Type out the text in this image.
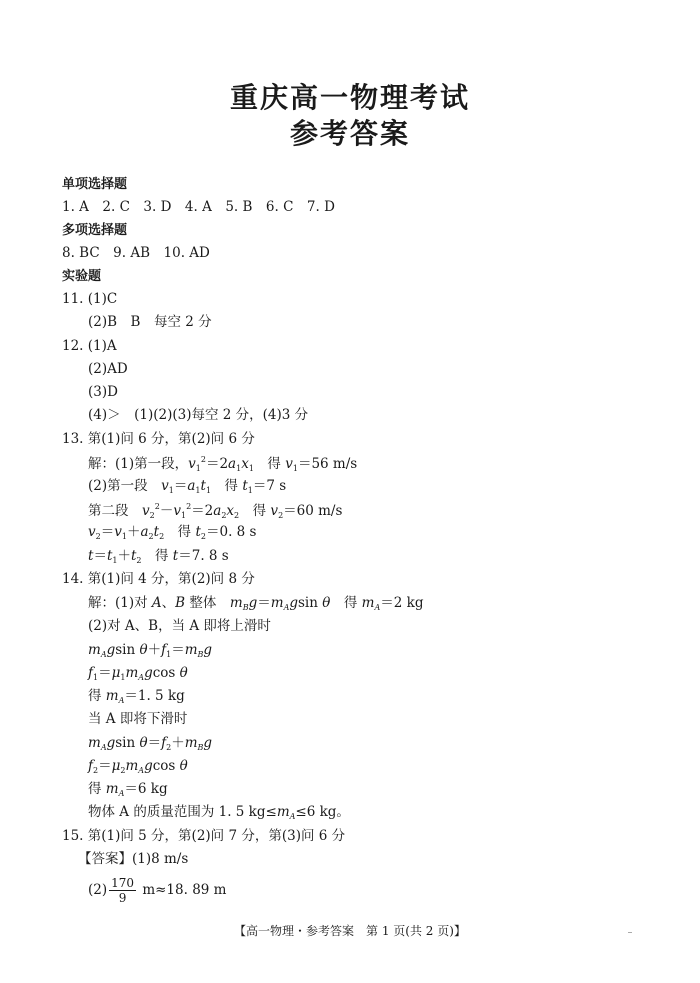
重庆高一物理考试
参考答案
单项选择题
1. A　2. C　3. D　4. A　5. B　6. C　7. D
多项选择题
8. BC　9. AB　10. AD
实验题
11. (1)C
(2)B　B　每空 2 分
12. (1)A
(2)AD
(3)D
(4)＞　(1)(2)(3)每空 2 分，(4)3 分
13. 第(1)问 6 分，第(2)问 6 分
解：(1)第一段，$v_1^2=2a_1x_1$　 得 $v_1=56$ m/s
(2)第一段　$v_1=a_1t_1$　 得 $t_1=7$ s
第二段　$v_2^2-v_1^2=2a_2x_2$　 得 $v_2=60$ m/s
$v_2=v_1+a_2t_2$　 得 $t_2=0$. 8 s
$t=t_1+t_2$　 得 t＝7. 8 s
14. 第(1)问 4 分，第(2)问 8 分
解：(1)对 A、B 整体　$m_Bg=m_Agsin$ θ　 得 $m_A=2$ kg
(2)对 A、B，当 A 即将上滑时
$m_Agsin$ $\theta+f_1=m_Bg$
$f_1=\mu_1m_Agcos$ θ
得 $m_A=1$. 5 kg
当 A 即将下滑时
$m_Agsin$ $\theta=f_2+m_Bg$
$f_2=\mu_2m_Agcos$ θ
得 $m_A=6$ kg
物体 A 的质量范围为 1. 5 $kg\le m_A\le 6$ kg。
15. 第(1)问 5 分，第(2)问 7 分，第(3)问 6 分
【答案】(1)8 m/s
$(2) \frac{170}{9} m\approx 18$. 89 m
【高一物理・参考答案　第 1 页(共 2 页)】
